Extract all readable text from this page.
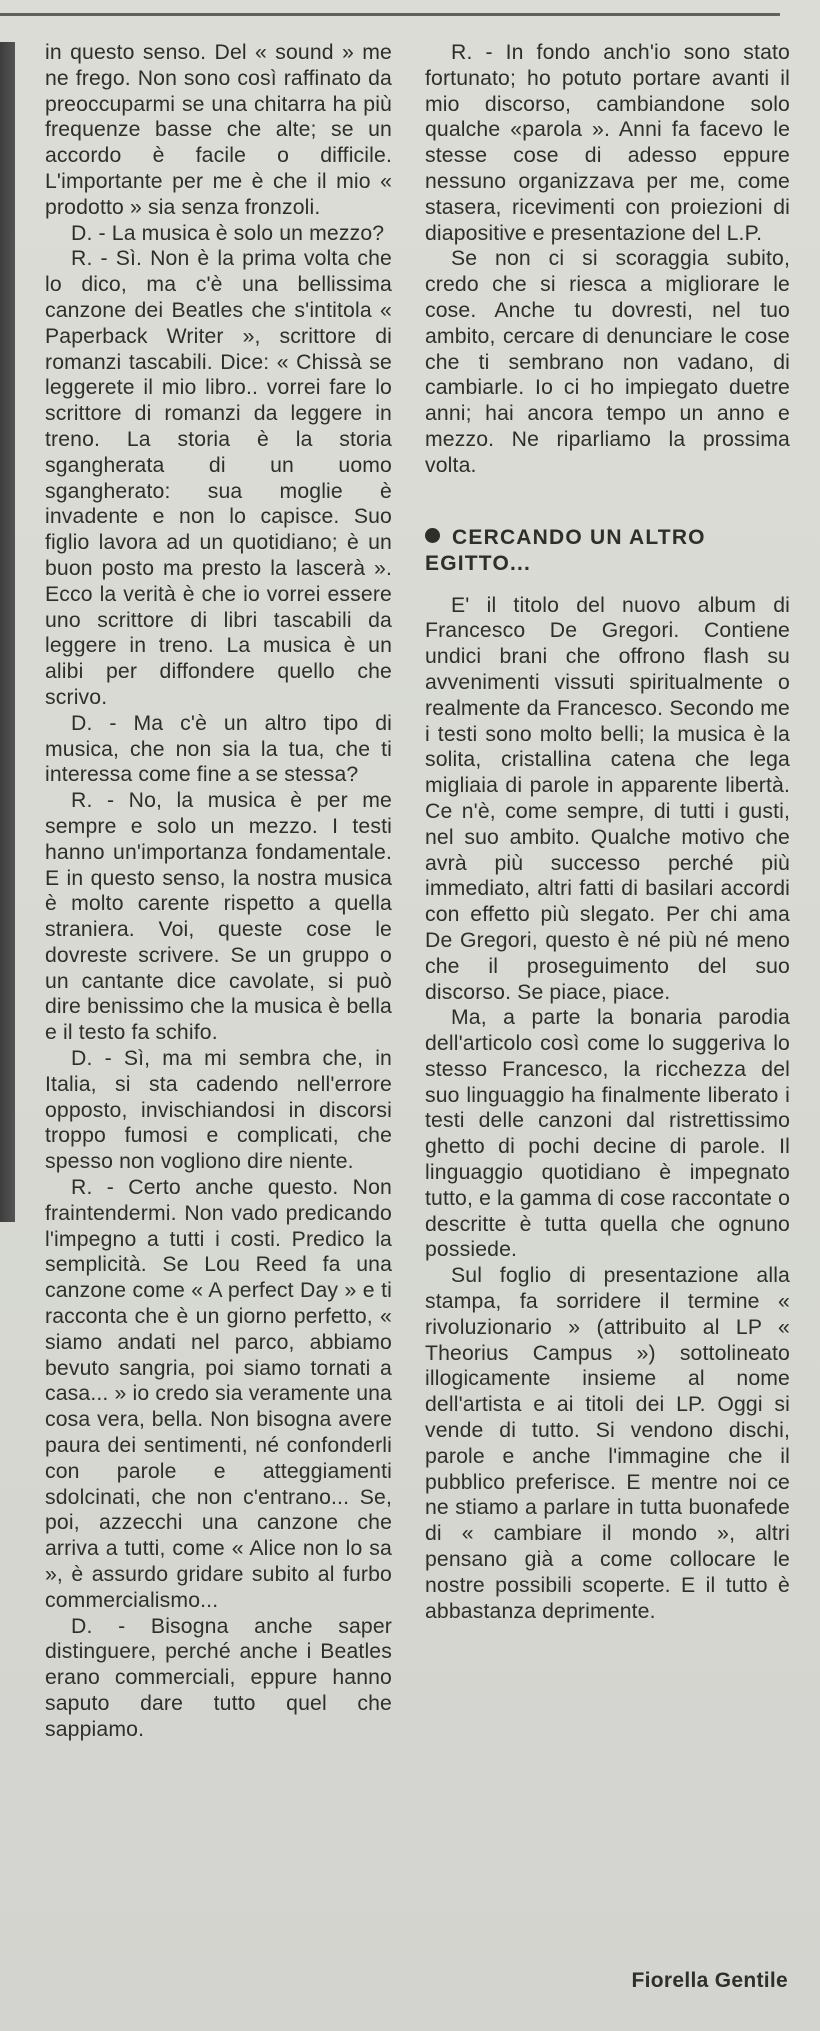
in questo senso. Del « sound » me ne frego. Non sono così raffinato da preoccuparmi se una chitarra ha più frequenze basse che alte; se un accordo è facile o difficile. L'importante per me è che il mio « prodotto » sia senza fronzoli.

D. - La musica è solo un mezzo?

R. - Sì. Non è la prima volta che lo dico, ma c'è una bellissima canzone dei Beatles che s'intitola « Paperback Writer », scrittore di romanzi tascabili. Dice: « Chissà se leggerete il mio libro.. vorrei fare lo scrittore di romanzi da leggere in treno. La storia è la storia sgangherata di un uomo sgangherato: sua moglie è invadente e non lo capisce. Suo figlio lavora ad un quotidiano; è un buon posto ma presto la lascerà ». Ecco la verità è che io vorrei essere uno scrittore di libri tascabili da leggere in treno. La musica è un alibi per diffondere quello che scrivo.

D. - Ma c'è un altro tipo di musica, che non sia la tua, che ti interessa come fine a se stessa?

R. - No, la musica è per me sempre e solo un mezzo. I testi hanno un'importanza fondamentale. E in questo senso, la nostra musica è molto carente rispetto a quella straniera. Voi, queste cose le dovreste scrivere. Se un gruppo o un cantante dice cavolate, si può dire benissimo che la musica è bella e il testo fa schifo.

D. - Sì, ma mi sembra che, in Italia, si sta cadendo nell'errore opposto, invischiandosi in discorsi troppo fumosi e complicati, che spesso non vogliono dire niente.

R. - Certo anche questo. Non fraintendermi. Non vado predicando l'impegno a tutti i costi. Predico la semplicità. Se Lou Reed fa una canzone come « A perfect Day » e ti racconta che è un giorno perfetto, « siamo andati nel parco, abbiamo bevuto sangria, poi siamo tornati a casa... » io credo sia veramente una cosa vera, bella. Non bisogna avere paura dei sentimenti, né confonderli con parole e atteggiamenti sdolcinati, che non c'entrano... Se, poi, azzecchi una canzone che arriva a tutti, come « Alice non lo sa », è assurdo gridare subito al furbo commercialismo...

D. - Bisogna anche saper distinguere, perché anche i Beatles erano commerciali, eppure hanno saputo dare tutto quel che sappiamo.

R. - In fondo anch'io sono stato fortunato; ho potuto portare avanti il mio discorso, cambiandone solo qualche «parola ». Anni fa facevo le stesse cose di adesso eppure nessuno organizzava per me, come stasera, ricevimenti con proiezioni di diapositive e presentazione del L.P.

Se non ci si scoraggia subito, credo che si riesca a migliorare le cose. Anche tu dovresti, nel tuo ambito, cercare di denunciare le cose che ti sembrano non vadano, di cambiarle. Io ci ho impiegato duetre anni; hai ancora tempo un anno e mezzo. Ne riparliamo la prossima volta.

CERCANDO UN ALTRO EGITTO...

E' il titolo del nuovo album di Francesco De Gregori. Contiene undici brani che offrono flash su avvenimenti vissuti spiritualmente o realmente da Francesco. Secondo me i testi sono molto belli; la musica è la solita, cristallina catena che lega migliaia di parole in apparente libertà. Ce n'è, come sempre, di tutti i gusti, nel suo ambito. Qualche motivo che avrà più successo perché più immediato, altri fatti di basilari accordi con effetto più slegato. Per chi ama De Gregori, questo è né più né meno che il proseguimento del suo discorso. Se piace, piace.

Ma, a parte la bonaria parodia dell'articolo così come lo suggeriva lo stesso Francesco, la ricchezza del suo linguaggio ha finalmente liberato i testi delle canzoni dal ristrettissimo ghetto di pochi decine di parole. Il linguaggio quotidiano è impegnato tutto, e la gamma di cose raccontate o descritte è tutta quella che ognuno possiede.

Sul foglio di presentazione alla stampa, fa sorridere il termine « rivoluzionario » (attribuito al LP « Theorius Campus ») sottolineato illogicamente insieme al nome dell'artista e ai titoli dei LP. Oggi si vende di tutto. Si vendono dischi, parole e anche l'immagine che il pubblico preferisce. E mentre noi ce ne stiamo a parlare in tutta buonafede di « cambiare il mondo », altri pensano già a come collocare le nostre possibili scoperte. E il tutto è abbastanza deprimente.

Fiorella Gentile
